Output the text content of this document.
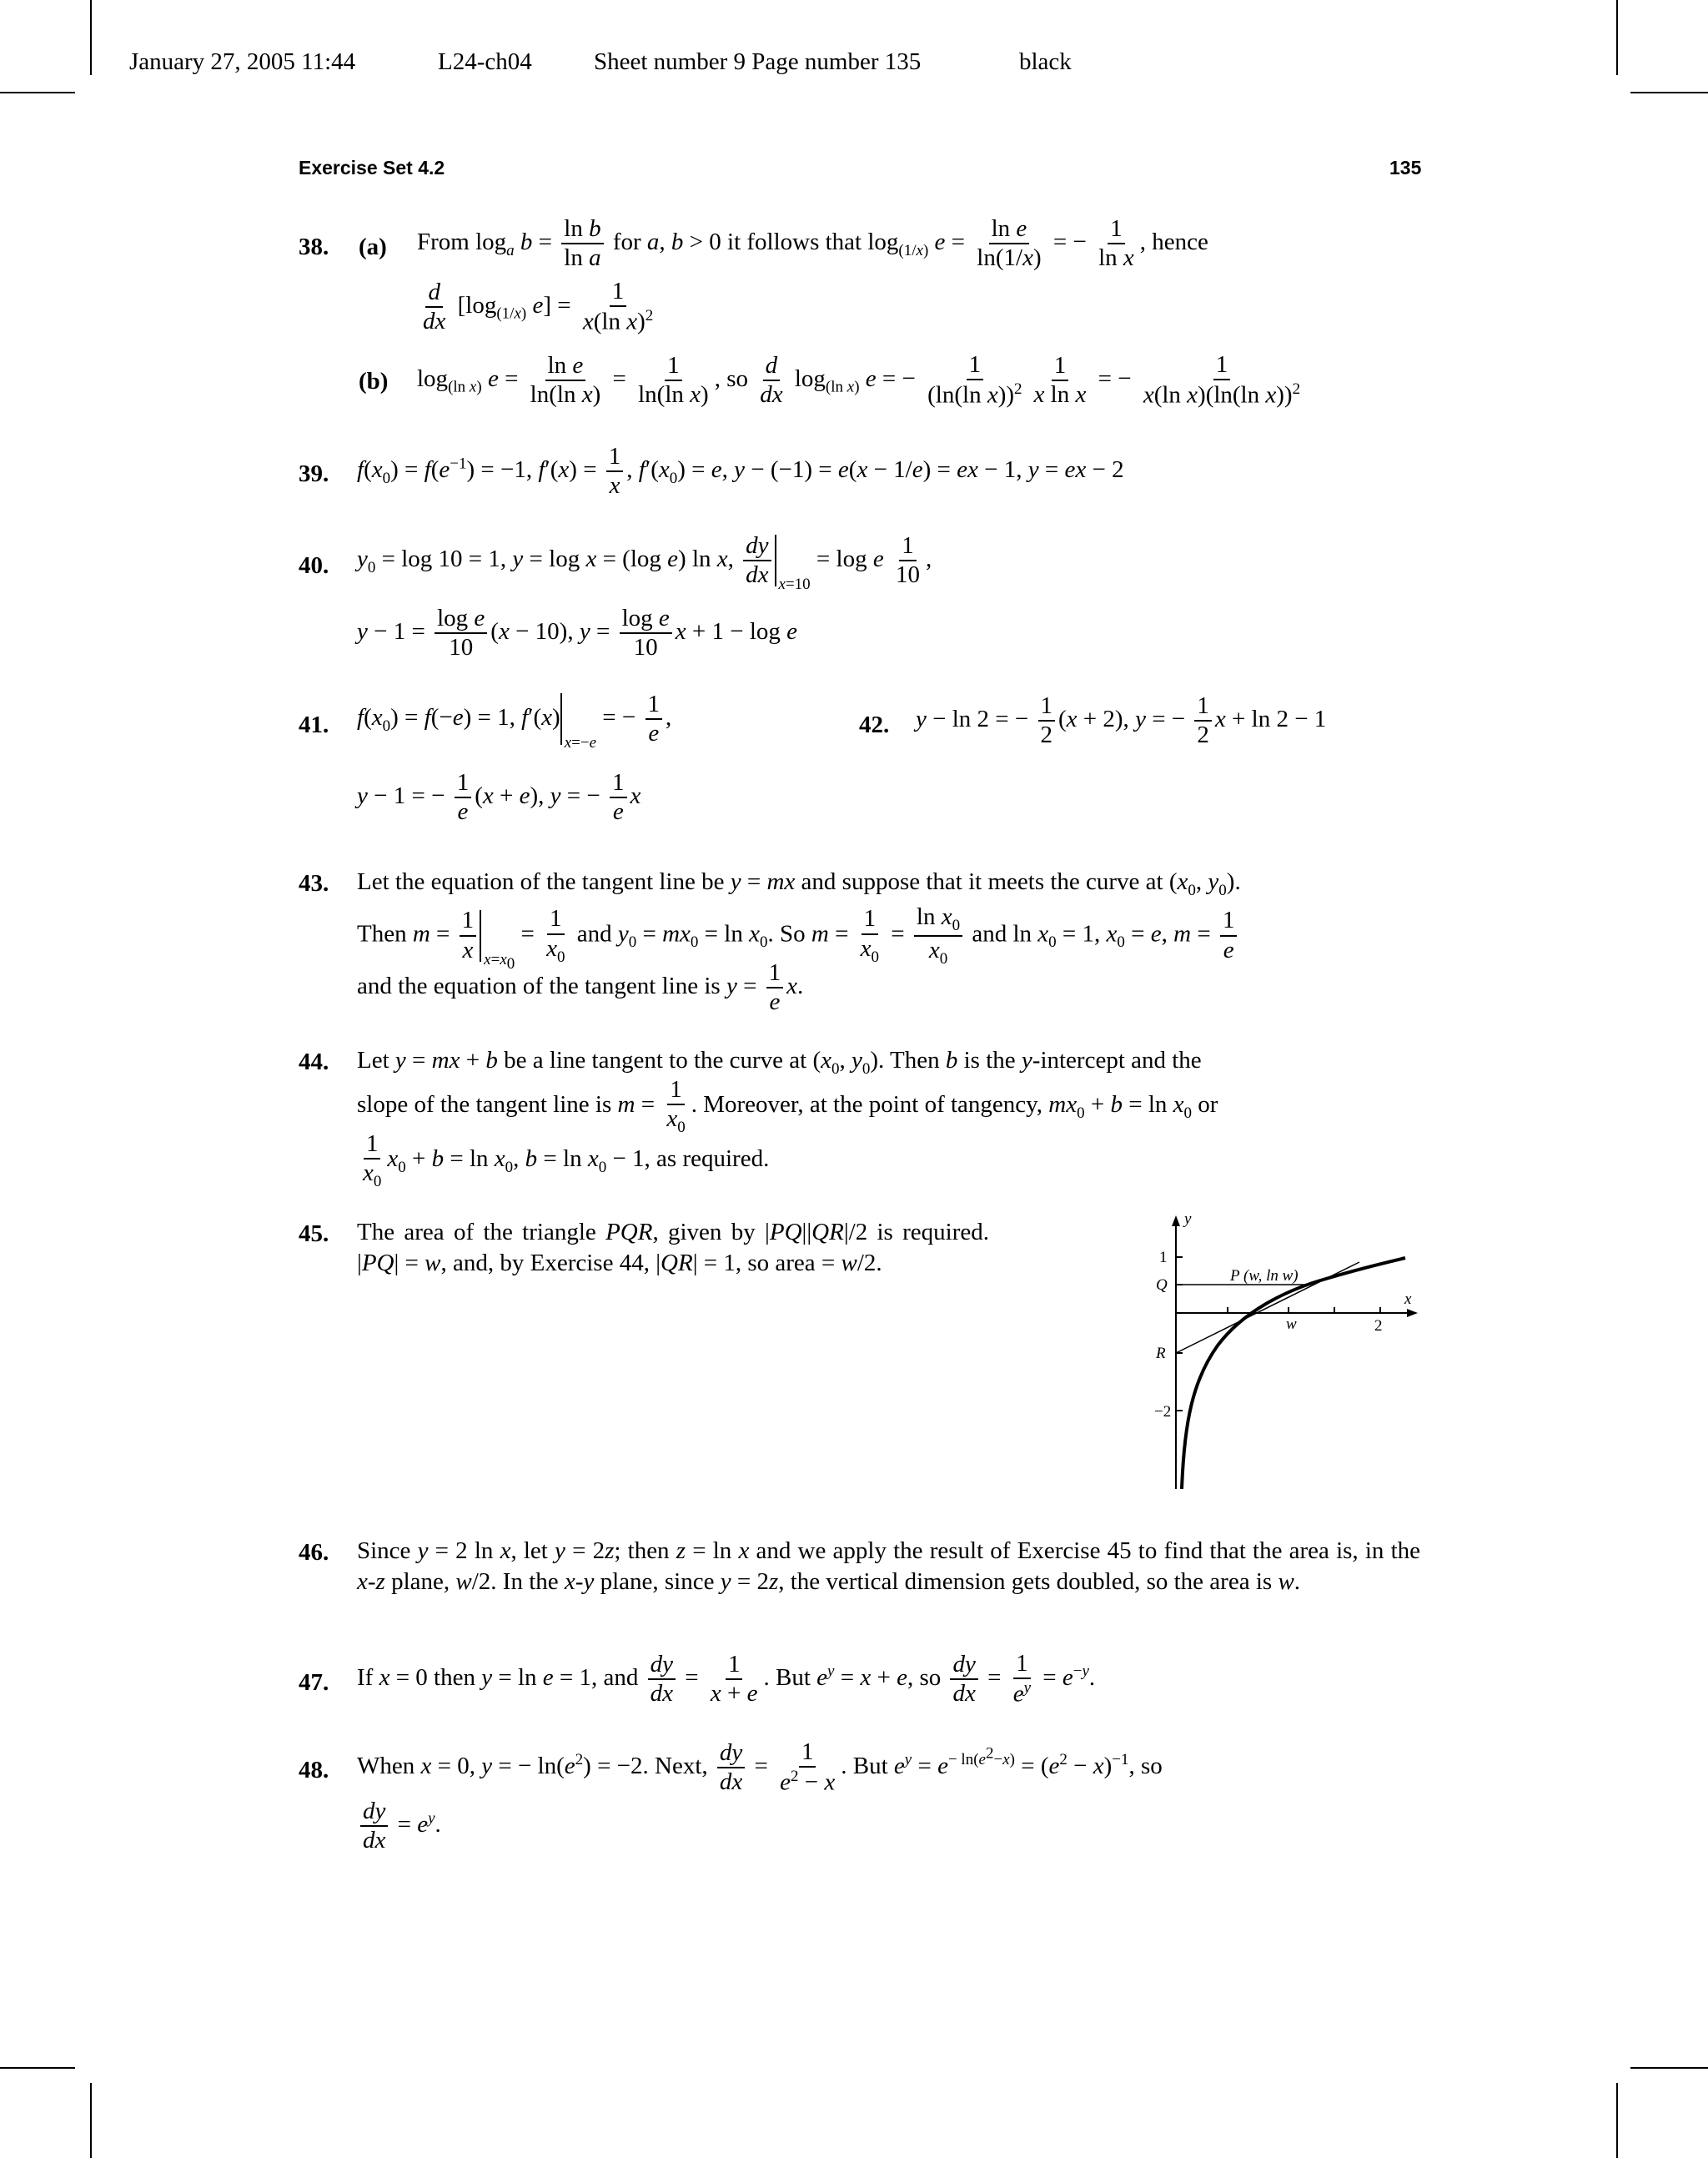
January 27, 2005 11:44	L24-ch04	Sheet number 9 Page number 135	black
Exercise Set 4.2	135
38. (a) From $\log_a b = \frac{\text{ln b}}{\text{ln a}}$ for a, b > 0 it follows that $\log_{(1/x)} e = \frac{\text{ln e}}{\ln(1/x)}$ = − $\frac{1}{\text{ln x}}$ , hence
$\frac{d}{dx} [\log_{(1/x)}$ $e] = \frac{1}{x(\ln x)^2}$
(b) $\log_{(ln x)} e = \frac{\text{ln e}}{\text{ln(ln x)}} = \frac{1}{\text{ln(ln x)}}$ , so $\frac{d}{dx} \log_{(ln x)} e$ = − $\frac{1}{(\ln(\ln x))^2} \frac{1}{\text{x ln x}}$ = − $\frac{1}{x(\ln x)(\ln(\ln x))^2}$
39. $f(x_0) = f(e^{-1}) = -1$, $f'(x) = \frac{1}{x}$ , $f'(x_0) = e$, y − (−1) = e(x − 1/e) = ex − 1, y = ex − 2
40. $y_0 = \log 10 = 1$, y = log x = (log e) ln x, $\frac{dy}{dx} _{x=10} = \log e \frac{1}{10}$ ,
$y - 1 = \frac{\text{log e}}{10} (x - 10)$, $y = \frac{\text{log e}}{10}$ x + 1 − log e
41. $f(x_0) = f(-e) = 1$, $f'(x)_{x=-e}$ = − $\frac{1}{e}$ ,
y − 1 = − $\frac{1}{e} (x + e)$, y = − $\frac{1}{e}$ x
42. y − ln 2 = − $\frac{1}{2} (x + 2)$, y = − $\frac{1}{2}$ x + ln 2 − 1
43. Let the equation of the tangent line be y = mx and suppose that it meets the curve at ($x_0$, $y_0$).
Then $m = \frac{1}{x} _{x=x_0} = \frac{1}{x_0}$ and $y_0 = mx_0 = \ln x_0$. So $m = \frac{1}{x_0} = \frac{\ln x_0}{x_0}$ and $\ln x_0 = 1$, $x_0 = e$, $m = \frac{1}{e}$
and the equation of the tangent line is $y = \frac{1}{e} x$.
44. Let y = mx + b be a line tangent to the curve at ($x_0$, $y_0$). Then b is the y-intercept and the
slope of the tangent line is $m = \frac{1}{x_0}$ . Moreover, at the point of tangency, $mx_0 + b = \ln x_0$ or
$\frac{1}{x_0} x_0 + b = \ln x_0$, $b = \ln x_0 - 1$, as required.
45. The area of the triangle PQR, given by |PQ||QR|/2 is required. |PQ| = w, and, by Exercise 44, |QR| = 1, so area = w/2.
y
x
1
−2
2
Q
R
w
P (w, ln w)
46. Since y = 2 ln x, let y = 2z; then z = ln x and we apply the result of Exercise 45 to find that the area is, in the x-z plane, w/2. In the x-y plane, since y = 2z, the vertical dimension gets doubled, so the area is w.
47. If x = 0 then y = ln e = 1, and $\frac{dy}{dx} = \frac{1}{x + e}$ . But $e^y = x + e$, so $\frac{dy}{dx} = \frac{1}{e^y} = e^{-y}$.
48. When x = 0, y = − $\ln(e^2) = -2$. Next, $\frac{dy}{dx} = \frac{1}{e^2 - x}$ . But $e^y = e^{- ln(e^2-x)} = (e^2 - x)^{-1}$, so
$\frac{dy}{dx} = e^y$.
